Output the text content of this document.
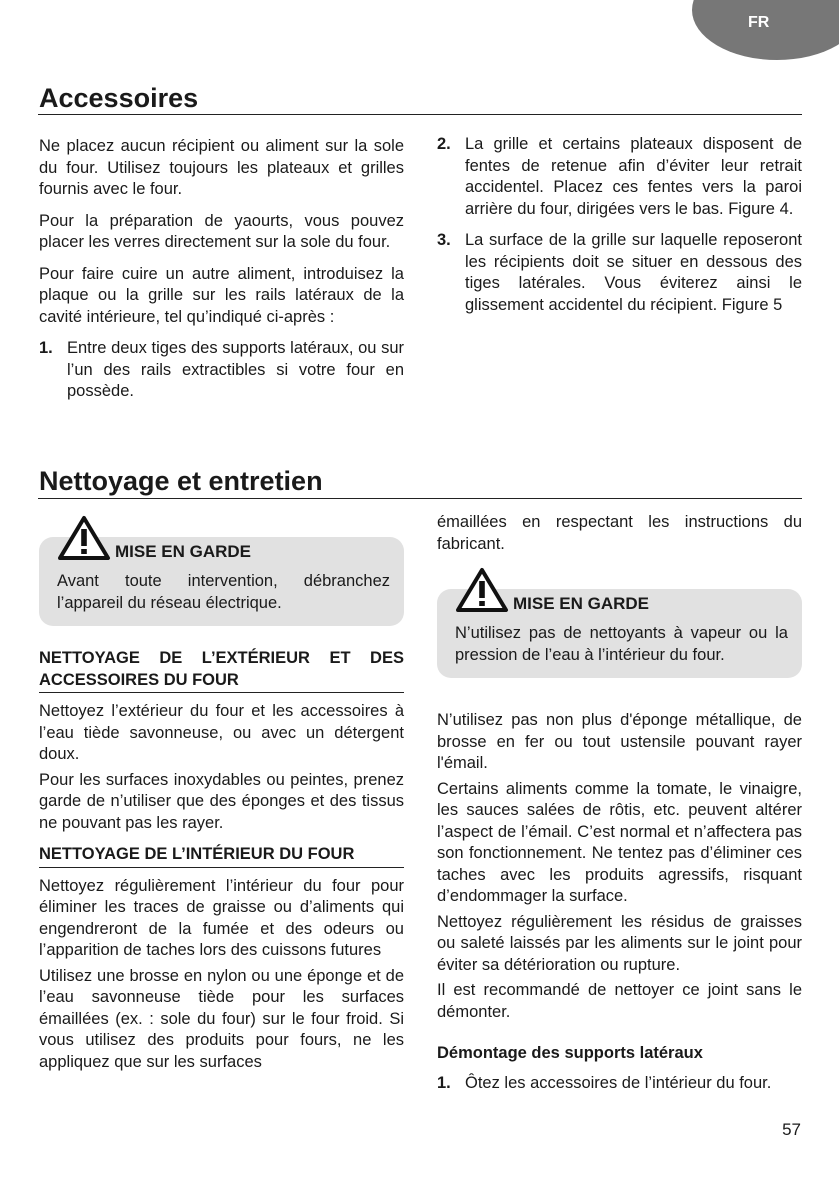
FR
Accessoires

Ne placez aucun récipient ou aliment sur la sole du four. Utilisez toujours les plateaux et grilles fournis avec le four.

Pour la préparation de yaourts, vous pouvez placer les verres directement sur la sole du four.

Pour faire cuire un autre aliment, introduisez la plaque ou la grille sur les rails latéraux de la cavité intérieure, tel qu’indiqué ci-après :

1. Entre deux tiges des supports latéraux, ou sur l’un des rails extractibles si votre four en possède.
2. La grille et certains plateaux disposent de fentes de retenue afin d’éviter leur retrait accidentel. Placez ces fentes vers la paroi arrière du four, dirigées vers le bas. Figure 4.
3. La surface de la grille sur laquelle reposeront les récipients doit se situer en dessous des tiges latérales. Vous éviterez ainsi le glissement accidentel du récipient. Figure 5
Nettoyage et entretien
MISE EN GARDE

Avant toute intervention, débranchez l’appareil du réseau électrique.

NETTOYAGE DE L’EXTÉRIEUR ET DES ACCESSOIRES DU FOUR

Nettoyez l’extérieur du four et les accessoires à l’eau tiède savonneuse, ou avec un détergent doux.

Pour les surfaces inoxydables ou peintes, prenez garde de n’utiliser que des éponges et des tissus ne pouvant pas les rayer.

NETTOYAGE DE L’INTÉRIEUR DU FOUR

Nettoyez régulièrement l’intérieur du four pour éliminer les traces de graisse ou d’aliments qui engendreront de la fumée et des odeurs ou l’apparition de taches lors des cuissons futures

Utilisez une brosse en nylon ou une éponge et de l’eau savonneuse tiède pour les surfaces émaillées (ex. : sole du four) sur le four froid. Si vous utilisez des produits pour fours, ne les appliquez que sur les surfaces

émaillées en respectant les instructions du fabricant.

MISE EN GARDE

N’utilisez pas de nettoyants à vapeur ou la pression de l’eau à l’intérieur du four.

N’utilisez pas non plus d'éponge métallique, de brosse en fer ou tout ustensile pouvant rayer l'émail.

Certains aliments comme la tomate, le vinaigre, les sauces salées de rôtis, etc. peuvent altérer l’aspect de l’émail. C’est normal et n’affectera pas son fonctionnement. Ne tentez pas d’éliminer ces taches avec les produits agressifs, risquant d’endommager la surface.

Nettoyez régulièrement les résidus de graisses ou saleté laissés par les aliments sur le joint pour éviter sa détérioration ou rupture.

Il est recommandé de nettoyer ce joint sans le démonter.

Démontage des supports latéraux
1. Ôtez les accessoires de l’intérieur du four.
57
